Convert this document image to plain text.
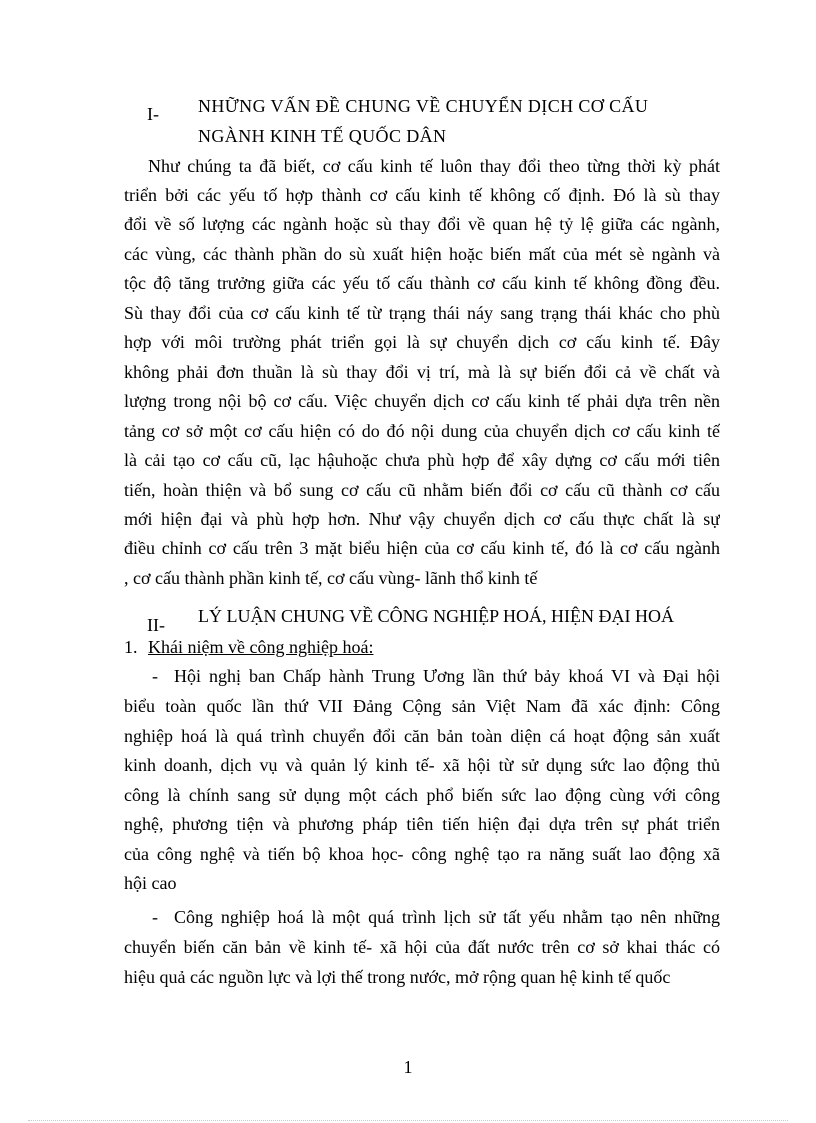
I- NHỮNG VẤN ĐỀ CHUNG VỀ CHUYỂN DỊCH CƠ CẤU
NGÀNH KINH TẾ QUỐC DÂN
Như chúng ta đã biết, cơ cấu kinh tế luôn thay đổi theo từng thời kỳ phát
triển bởi các yếu tố hợp thành cơ cấu kinh tế không cố định. Đó là sù thay
đổi về số lượng các ngành hoặc sù thay đổi về quan hệ tỷ lệ giữa các ngành,
các vùng, các thành phần do sù xuất hiện hoặc biến mất của mét sè ngành và
tộc độ tăng trưởng giữa các yếu tố cấu thành cơ cấu kinh tế không đồng đều.
Sù thay đổi của cơ cấu kinh tế từ trạng thái náy sang trạng thái khác cho phù
hợp với môi trường phát triển gọi là sự chuyển dịch cơ cấu kinh tế. Đây
không phải đơn thuần là sù thay đổi vị trí, mà là sự biến đổi cả về chất và
lượng trong nội bộ cơ cấu. Việc chuyển dịch cơ cấu kinh tế phải dựa trên nền
tảng cơ sở một cơ cấu hiện có do đó nội dung của chuyển dịch cơ cấu kinh tế
là cải tạo cơ cấu cũ, lạc hậuhoặc chưa phù hợp để xây dựng cơ cấu mới tiên
tiến, hoàn thiện và bổ sung cơ cấu cũ nhằm biến đổi cơ cấu cũ thành cơ cấu
mới hiện đại và phù hợp hơn. Như vậy chuyển dịch cơ cấu thực chất là sự
điều chỉnh cơ cấu trên 3 mặt biểu hiện của cơ cấu kinh tế, đó là cơ cấu ngành
, cơ cấu thành phần kinh tế, cơ cấu vùng- lãnh thổ kinh tế
II- LÝ LUẬN CHUNG VỀ CÔNG NGHIỆP HOÁ, HIỆN ĐẠI HOÁ
1. Khái niệm về công nghiệp hoá:
- Hội nghị ban Chấp hành Trung Ương lần thứ bảy khoá VI và Đại hội
biểu toàn quốc lần thứ VII Đảng Cộng sản Việt Nam đã xác định: Công
nghiệp hoá là quá trình chuyển đổi căn bản toàn diện cá hoạt động sản xuất
kinh doanh, dịch vụ và quản lý kinh tế- xã hội từ sử dụng sức lao động thủ
công là chính sang sử dụng một cách phổ biến sức lao động cùng với công
nghệ, phương tiện và phương pháp tiên tiến hiện đại dựa trên sự phát triển
của công nghệ và tiến bộ khoa học- công nghệ tạo ra năng suất lao động xã
hội cao
- Công nghiệp hoá là một quá trình lịch sử tất yếu nhằm tạo nên những
chuyển biến căn bản về kinh tế- xã hội của đất nước trên cơ sở khai thác có
hiệu quả các nguồn lực và lợi thế trong nước, mở rộng quan hệ kinh tế quốc
1
